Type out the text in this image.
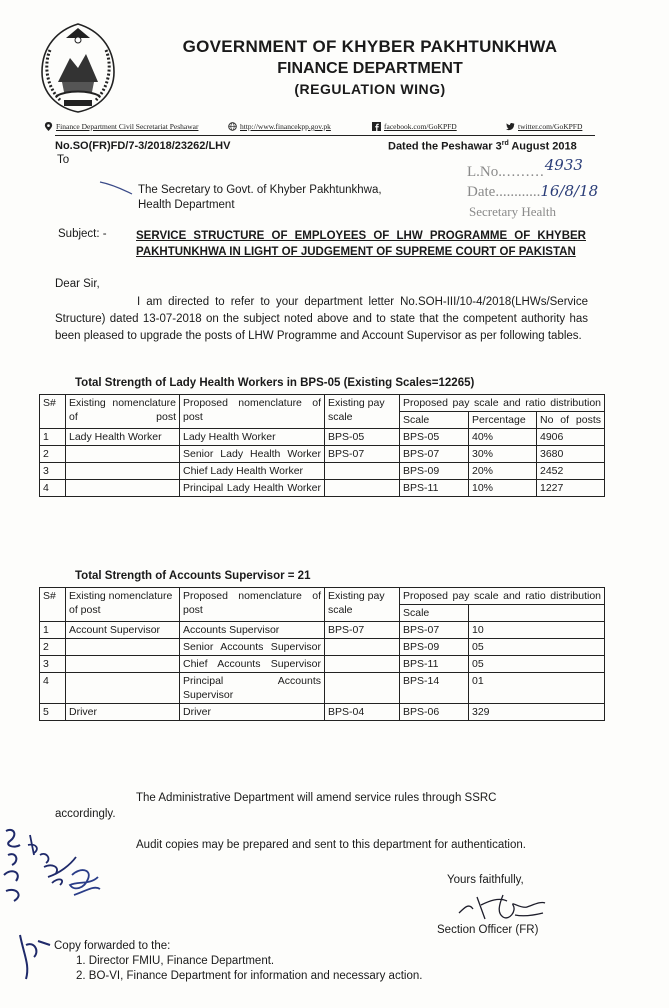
GOVERNMENT OF KHYBER PAKHTUNKHWA
FINANCE DEPARTMENT
(REGULATION WING)
Finance Department Civil Secretariat Peshawar	http://www.financekpp.gov.pk	facebook.com/GoKPFD	twitter.com/GoKPFD
No.SO(FR)FD/7-3/2018/23262/LHV	Dated the Peshawar 3rd August 2018
To
L.No..........4933
Date............16/8/18
Secretary Health
The Secretary to Govt. of Khyber Pakhtunkhwa,
Health Department
Subject: -	SERVICE STRUCTURE OF EMPLOYEES OF LHW PROGRAMME OF KHYBER PAKHTUNKHWA IN LIGHT OF JUDGEMENT OF SUPREME COURT OF PAKISTAN
Dear Sir,
I am directed to refer to your department letter No.SOH-III/10-4/2018(LHWs/Service Structure) dated 13-07-2018 on the subject noted above and to state that the competent authority has been pleased to upgrade the posts of LHW Programme and Account Supervisor as per following tables.
Total Strength of Lady Health Workers in BPS-05 (Existing Scales=12265)
S#	Existing nomenclature of post	Proposed nomenclature of post	Existing pay scale	Proposed pay scale and ratio distribution		
				Scale	Percentage	No of posts
1	Lady Health Worker	Lady Health Worker	BPS-05	BPS-05	40%	4906
2		Senior Lady Health Worker	BPS-07	BPS-07	30%	3680
3		Chief Lady Health Worker		BPS-09	20%	2452
4		Principal Lady Health Worker		BPS-11	10%	1227
Total Strength of Accounts Supervisor = 21
S#	Existing nomenclature of post	Proposed nomenclature of post	Existing pay scale	Proposed pay scale and ratio distribution	
				Scale	
1	Account Supervisor	Accounts Supervisor	BPS-07	BPS-07	10
2		Senior Accounts Supervisor		BPS-09	05
3		Chief Accounts Supervisor		BPS-11	05
4		Principal Accounts Supervisor		BPS-14	01
5	Driver	Driver	BPS-04	BPS-06	329
The Administrative Department will amend service rules through SSRC
accordingly.
Audit copies may be prepared and sent to this department for authentication.
Yours faithfully,
Section Officer (FR)
Copy forwarded to the:
1. Director FMIU, Finance Department.
2. BO-VI, Finance Department for information and necessary action.
